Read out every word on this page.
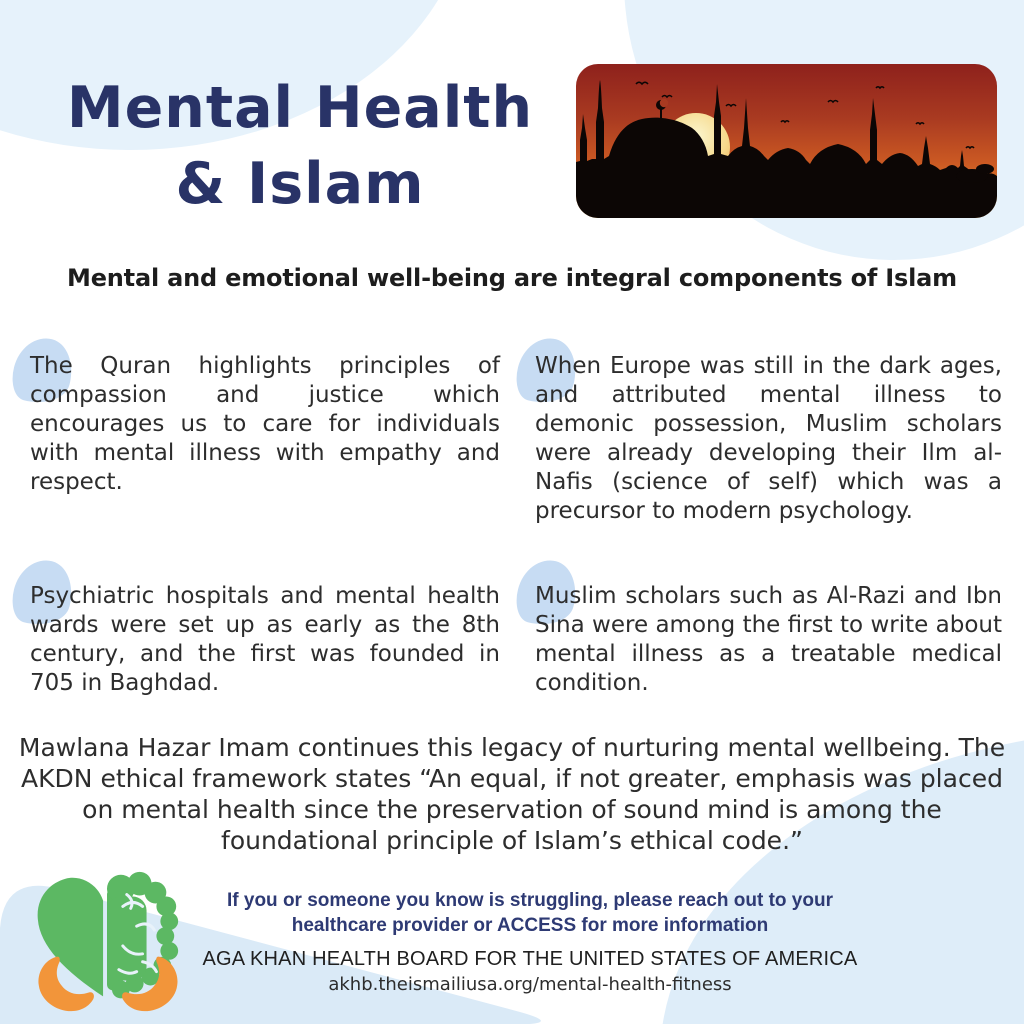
Mental Health
& Islam
Mental and emotional well-being are integral components of Islam
The Quran highlights principles of compassion and justice which encourages us to care for individuals with mental illness with empathy and respect.
When Europe was still in the dark ages, and attributed mental illness to demonic possession, Muslim scholars were already developing their Ilm al-Nafis (science of self) which was a precursor to modern psychology.
Psychiatric hospitals and mental health wards were set up as early as the 8th century, and the first was founded in 705 in Baghdad.
Muslim scholars such as Al-Razi and Ibn Sina were among the first to write about mental illness as a treatable medical condition.
Mawlana Hazar Imam continues this legacy of nurturing mental wellbeing. The AKDN ethical framework states “An equal, if not greater, emphasis was placed on mental health since the preservation of sound mind is among the foundational principle of Islam’s ethical code.”
If you or someone you know is struggling, please reach out to your healthcare provider or ACCESS for more information
AGA KHAN HEALTH BOARD FOR THE UNITED STATES OF AMERICA
akhb.theismailiusa.org/mental-health-fitness
